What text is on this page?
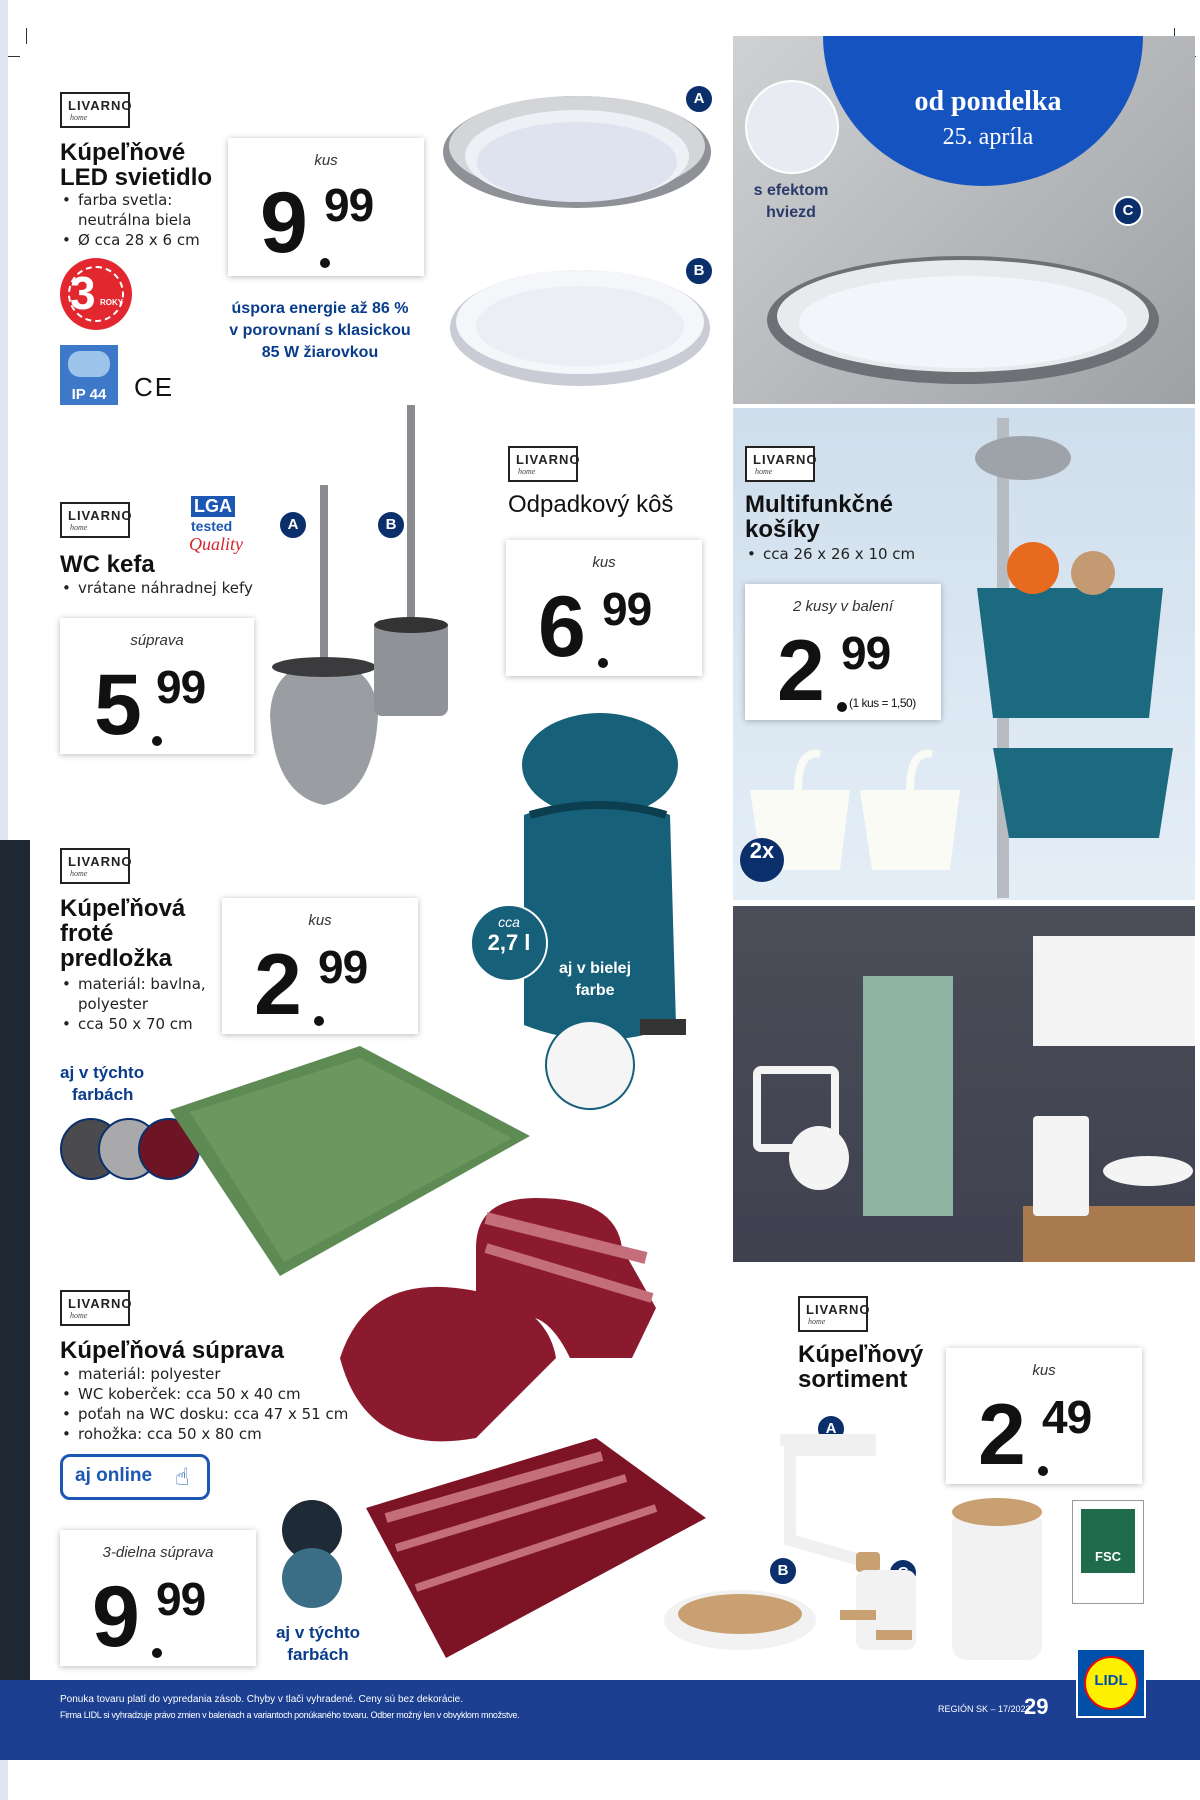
LIVARNO
home
Kúpeľňové
LED svietidlo
• farba svetla:
neutrálna biela
• Ø cca 28 x 6 cm
kus
9 99
3 ROKY
IP 44	CE
úspora energie až 86 %
v porovnaní s klasickou
85 W žiarovkou
A
B
od pondelka
25. apríla
s efektom
hviezd	C
LIVARNO
home
LGA
tested
Quality
WC kefa
• vrátane náhradnej kefy
súprava
5 99
A	B
LIVARNO
home
Odpadkový kôš
kus
6 99
cca
2,7 l
aj v bielej
farbe
LIVARNO
home
Multifunkčné
košíky
• cca 26 x 26 x 10 cm
2 kusy v balení
2 99
(1 kus = 1,50)
2x
LIVARNO
home
Kúpeľňová
froté
predložka
• materiál: bavlna,
polyester
• cca 50 x 70 cm
kus
2 99
aj v týchto
farbách
LIVARNO
home
Kúpeľňová súprava
• materiál: polyester
• WC koberček: cca 50 x 40 cm
• poťah na WC dosku: cca 47 x 51 cm
• rohožka: cca 50 x 80 cm
aj online ☝
3-dielna súprava
9 99
aj v týchto
farbách
LIVARNO
home
Kúpeľňový
sortiment	kus
2 49
FSC
A
B
Ponuka tovaru platí do vypredania zásob. Chyby v tlači vyhradené. Ceny sú bez dekorácie.
Firma LIDL si vyhradzuje právo zmien v baleniach a variantoch ponúkaného tovaru. Odber možný len v obvyklom množstve.
REGIÓN SK – 17/2022
29
LIDL
